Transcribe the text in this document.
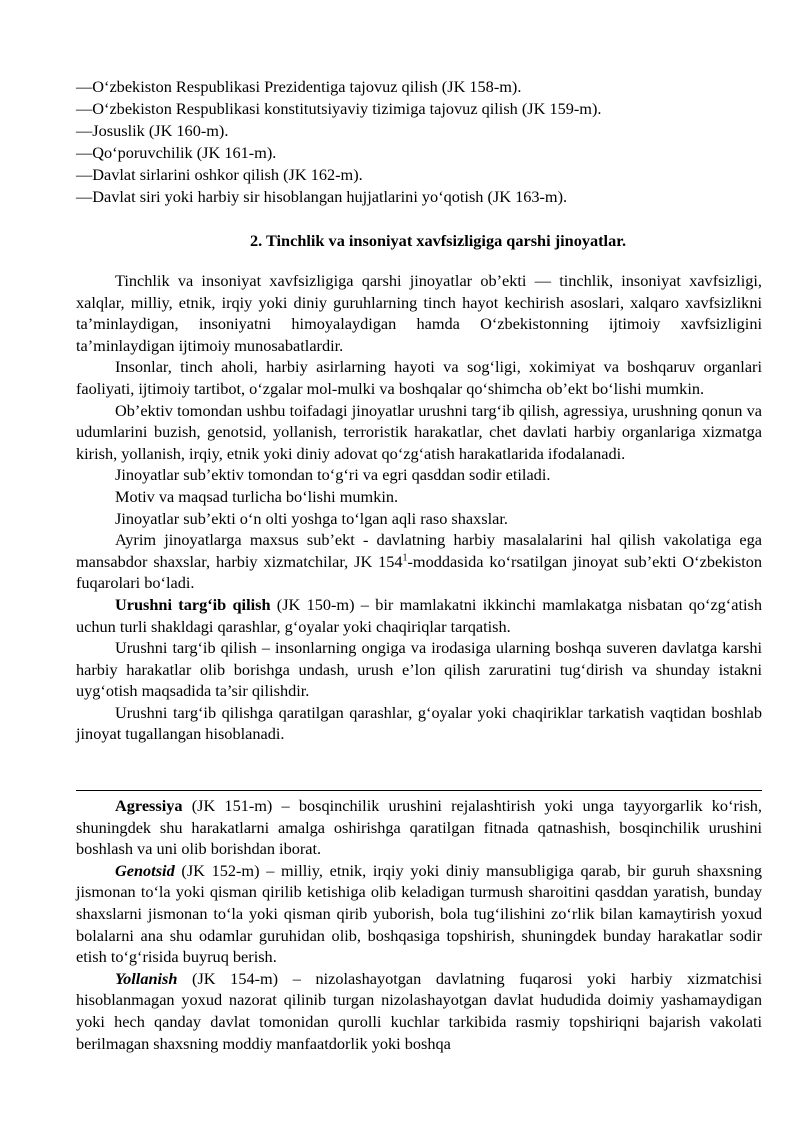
—O‘zbekiston Respublikasi Prezidentiga tajovuz qilish (JK 158-m).
—O‘zbekiston Respublikasi konstitutsiyaviy tizimiga tajovuz qilish (JK 159-m).
—Josuslik (JK 160-m).
—Qo‘poruvchilik (JK 161-m).
—Davlat sirlarini oshkor qilish (JK 162-m).
—Davlat siri yoki harbiy sir hisoblangan hujjatlarini yo‘qotish (JK 163-m).
2. Tinchlik va insoniyat xavfsizligiga qarshi jinoyatlar.

Tinchlik va insoniyat xavfsizligiga qarshi jinoyatlar ob’ekti — tinchlik, insoniyat xavfsizligi, xalqlar, milliy, etnik, irqiy yoki diniy guruhlarning tinch hayot kechirish asoslari, xalqaro xavfsizlikni ta’minlaydigan, insoniyatni himoyalaydigan hamda O‘zbekistonning ijtimoiy xavfsizligini ta’minlaydigan ijtimoiy munosabatlardir.

Insonlar, tinch aholi, harbiy asirlarning hayoti va sog‘ligi, xokimiyat va boshqaruv organlari faoliyati, ijtimoiy tartibot, o‘zgalar mol-mulki va boshqalar qo‘shimcha ob’ekt bo‘lishi mumkin.

Ob’ektiv tomondan ushbu toifadagi jinoyatlar urushni targ‘ib qilish, agressiya, urushning qonun va udumlarini buzish, genotsid, yollanish, terroristik harakatlar, chet davlati harbiy organlariga xizmatga kirish, yollanish, irqiy, etnik yoki diniy adovat qo‘zg‘atish harakatlarida ifodalanadi.

Jinoyatlar sub’ektiv tomondan to‘g‘ri va egri qasddan sodir etiladi.

Motiv va maqsad turlicha bo‘lishi mumkin.

Jinoyatlar sub’ekti o‘n olti yoshga to‘lgan aqli raso shaxslar.

Ayrim jinoyatlarga maxsus sub’ekt - davlatning harbiy masalalarini hal qilish vakolatiga ega mansabdor shaxslar, harbiy xizmatchilar, JK $154^1$-moddasida ko‘rsatilgan jinoyat sub’ekti O‘zbekiston fuqarolari bo‘ladi.

Urushni targ‘ib qilish (JK 150-m) – bir mamlakatni ikkinchi mamlakatga nisbatan qo‘zg‘atish uchun turli shakldagi qarashlar, g‘oyalar yoki chaqiriqlar tarqatish.

Urushni targ‘ib qilish – insonlarning ongiga va irodasiga ularning boshqa suveren davlatga karshi harbiy harakatlar olib borishga undash, urush e’lon qilish zaruratini tug‘dirish va shunday istakni uyg‘otish maqsadida ta’sir qilishdir.

Urushni targ‘ib qilishga qaratilgan qarashlar, g‘oyalar yoki chaqiriklar tarkatish vaqtidan boshlab jinoyat tugallangan hisoblanadi.

Agressiya (JK 151-m) – bosqinchilik urushini rejalashtirish yoki unga tayyorgarlik ko‘rish, shuningdek shu harakatlarni amalga oshirishga qaratilgan fitnada qatnashish, bosqinchilik urushini boshlash va uni olib borishdan iborat.

Genotsid (JK 152-m) – milliy, etnik, irqiy yoki diniy mansubligiga qarab, bir guruh shaxsning jismonan to‘la yoki qisman qirilib ketishiga olib keladigan turmush sharoitini qasddan yaratish, bunday shaxslarni jismonan to‘la yoki qisman qirib yuborish, bola tug‘ilishini zo‘rlik bilan kamaytirish yoxud bolalarni ana shu odamlar guruhidan olib, boshqasiga topshirish, shuningdek bunday harakatlar sodir etish to‘g‘risida buyruq berish.

Yollanish (JK 154-m) – nizolashayotgan davlatning fuqarosi yoki harbiy xizmatchisi hisoblanmagan yoxud nazorat qilinib turgan nizolashayotgan davlat hududida doimiy yashamaydigan yoki hech qanday davlat tomonidan qurolli kuchlar tarkibida rasmiy topshiriqni bajarish vakolati berilmagan shaxsning moddiy manfaatdorlik yoki boshqa
